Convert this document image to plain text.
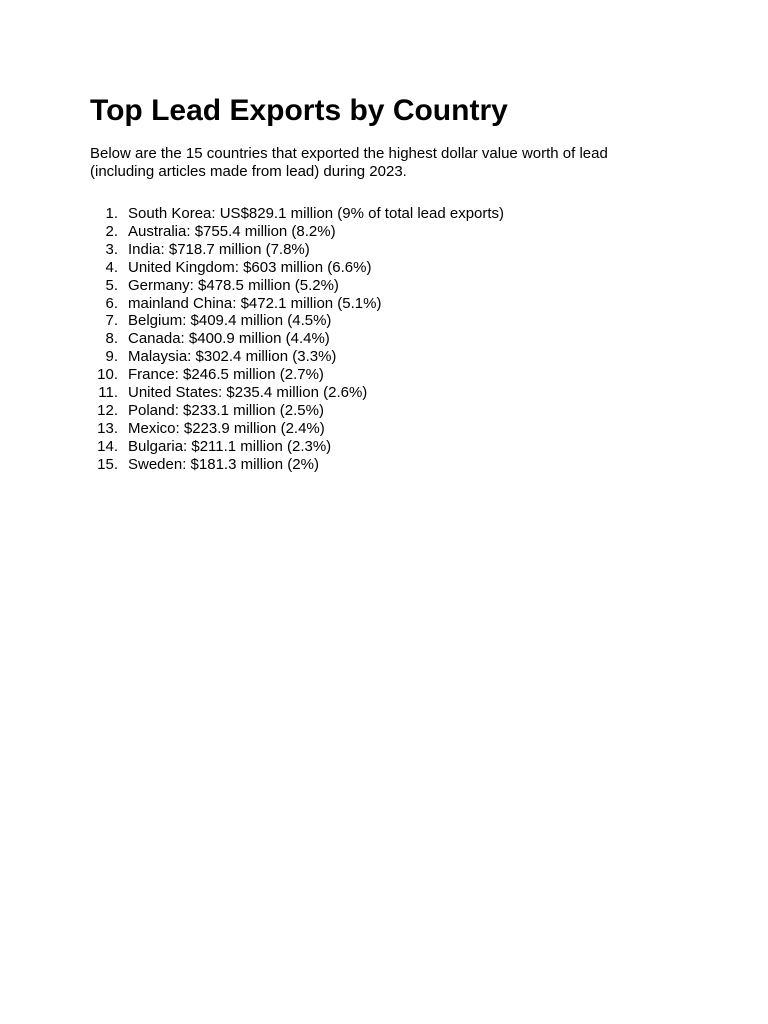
Top Lead Exports by Country

Below are the 15 countries that exported the highest dollar value worth of lead (including articles made from lead) during 2023.

1. South Korea: US$829.1 million (9% of total lead exports)
2. Australia: $755.4 million (8.2%)
3. India: $718.7 million (7.8%)
4. United Kingdom: $603 million (6.6%)
5. Germany: $478.5 million (5.2%)
6. mainland China: $472.1 million (5.1%)
7. Belgium: $409.4 million (4.5%)
8. Canada: $400.9 million (4.4%)
9. Malaysia: $302.4 million (3.3%)
10. France: $246.5 million (2.7%)
11. United States: $235.4 million (2.6%)
12. Poland: $233.1 million (2.5%)
13. Mexico: $223.9 million (2.4%)
14. Bulgaria: $211.1 million (2.3%)
15. Sweden: $181.3 million (2%)
